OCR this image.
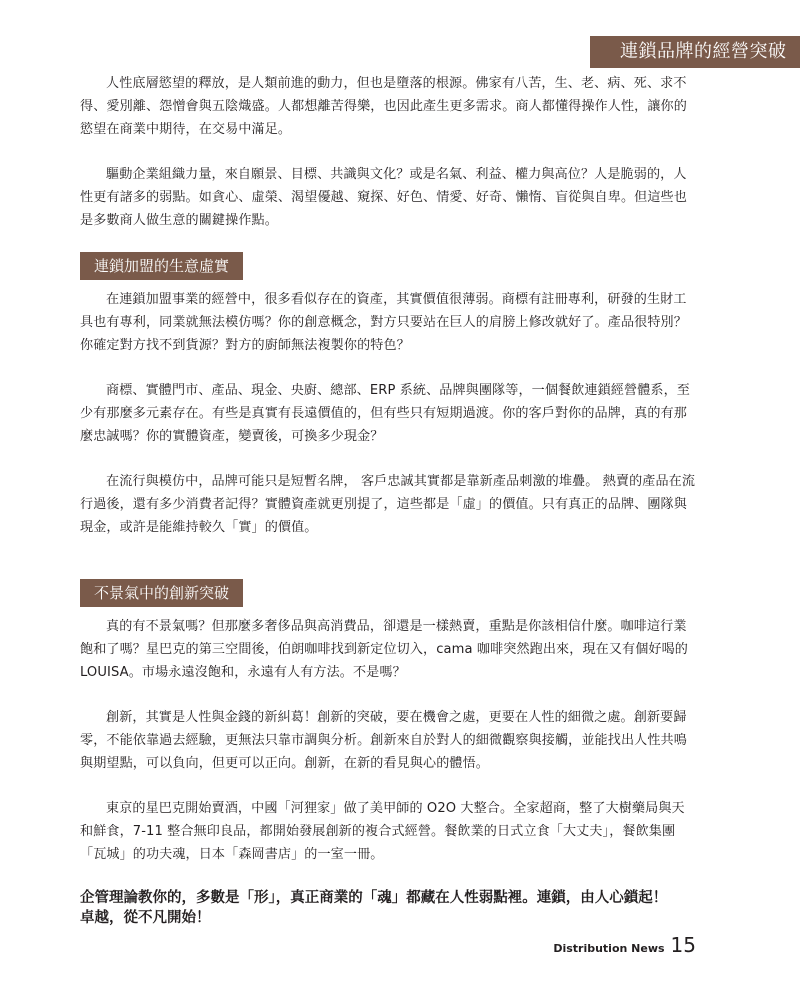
連鎖品牌的經營突破

人性底層慾望的釋放，是人類前進的動力，但也是墮落的根源。佛家有八苦，生、老、病、死、求不得、愛別離、怨憎會與五陰熾盛。人都想離苦得樂，也因此產生更多需求。商人都懂得操作人性，讓你的慾望在商業中期待，在交易中滿足。

驅動企業組織力量，來自願景、目標、共識與文化？或是名氣、利益、權力與高位？人是脆弱的，人性更有諸多的弱點。如貪心、虛榮、渴望優越、窺探、好色、情愛、好奇、懶惰、盲從與自卑。但這些也是多數商人做生意的關鍵操作點。

連鎖加盟的生意虛實

在連鎖加盟事業的經營中，很多看似存在的資產，其實價值很薄弱。商標有註冊專利，研發的生財工具也有專利，同業就無法模仿嗎？你的創意概念，對方只要站在巨人的肩膀上修改就好了。產品很特別？你確定對方找不到貨源？對方的廚師無法複製你的特色？

商標、實體門市、產品、現金、央廚、總部、ERP 系統、品牌與團隊等，一個餐飲連鎖經營體系，至少有那麼多元素存在。有些是真實有長遠價值的，但有些只有短期過渡。你的客戶對你的品牌，真的有那麼忠誠嗎？你的實體資產，變賣後，可換多少現金？

在流行與模仿中，品牌可能只是短暫名牌， 客戶忠誠其實都是靠新產品刺激的堆疊。 熱賣的產品在流行過後，還有多少消費者記得？實體資產就更別提了，這些都是「虛」的價值。只有真正的品牌、團隊與現金，或許是能維持較久「實」的價值。

不景氣中的創新突破

真的有不景氣嗎？但那麼多奢侈品與高消費品，卻還是一樣熱賣，重點是你該相信什麼。咖啡這行業飽和了嗎？星巴克的第三空間後，伯朗咖啡找到新定位切入，cama 咖啡突然跑出來，現在又有個好喝的 LOUISA。市場永遠沒飽和，永遠有人有方法。不是嗎？

創新，其實是人性與金錢的新糾葛！創新的突破，要在機會之處，更要在人性的細微之處。創新要歸零，不能依靠過去經驗，更無法只靠市調與分析。創新來自於對人的細微觀察與接觸，並能找出人性共鳴與期望點，可以負向，但更可以正向。創新，在新的看見與心的體悟。

東京的星巴克開始賣酒，中國「河狸家」做了美甲師的 O2O 大整合。全家超商，整了大樹藥局與天和鮮食，7-11 整合無印良品，都開始發展創新的複合式經營。餐飲業的日式立食「大丈夫」，餐飲集團「瓦城」的功夫魂，日本「森岡書店」的一室一冊。

企管理論教你的，多數是「形」，真正商業的「魂」都藏在人性弱點裡。連鎖，由人心鎖起！

卓越，從不凡開始！

Distribution News 15
